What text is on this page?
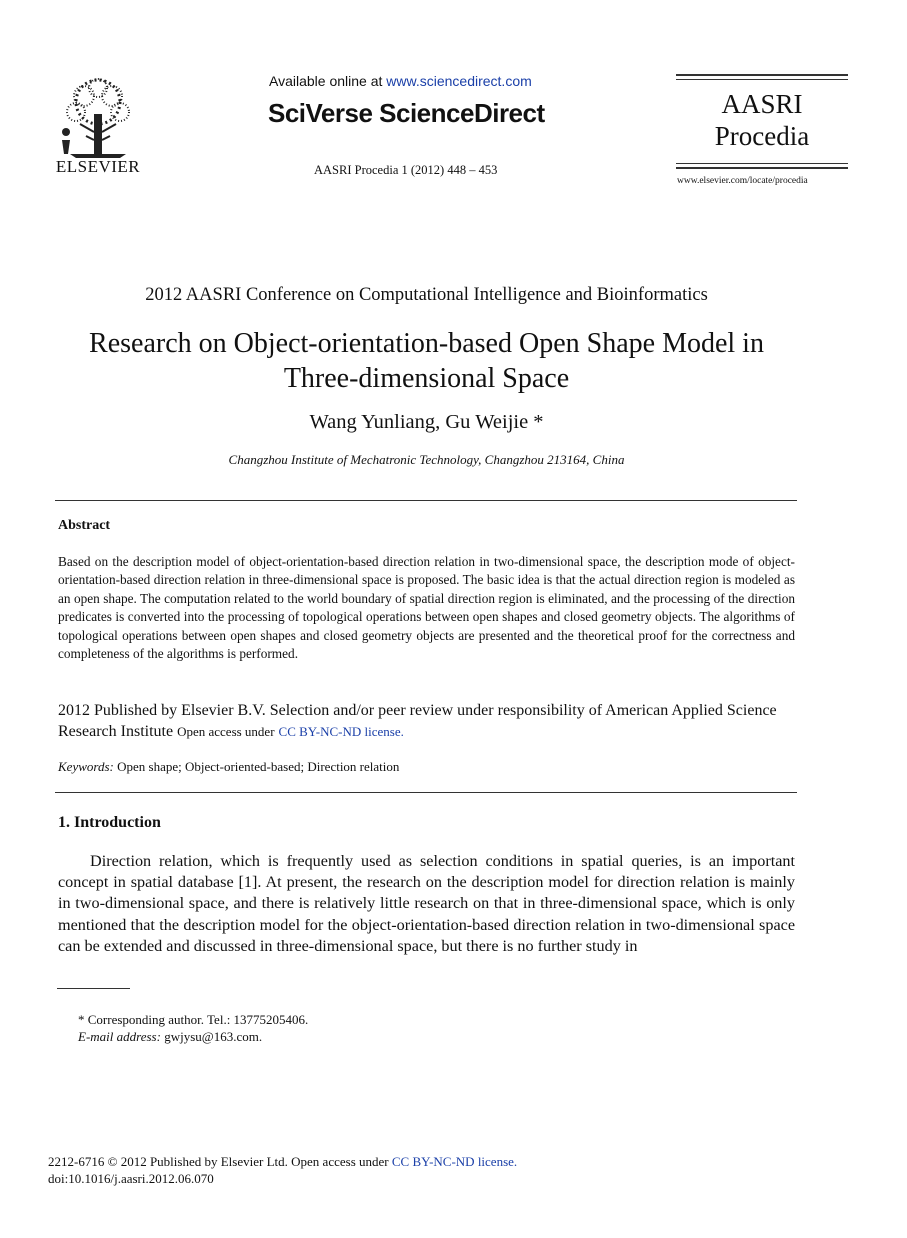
ELSEVIER
Available online at www.sciencedirect.com
SciVerse ScienceDirect
AASRI Procedia 1 (2012) 448 – 453
AASRI
Procedia
www.elsevier.com/locate/procedia
2012 AASRI Conference on Computational Intelligence and Bioinformatics
Research on Object-orientation-based Open Shape Model in
Three-dimensional Space
Wang Yunliang, Gu Weijie *
Changzhou Institute of Mechatronic Technology, Changzhou 213164, China
Abstract
Based on the description model of object-orientation-based direction relation in two-dimensional space, the description mode of object-orientation-based direction relation in three-dimensional space is proposed. The basic idea is that the actual direction region is modeled as an open shape. The computation related to the world boundary of spatial direction region is eliminated, and the processing of the direction predicates is converted into the processing of topological operations between open shapes and closed geometry objects. The algorithms of topological operations between open shapes and closed geometry objects are presented and the theoretical proof for the correctness and completeness of the algorithms is performed.
2012 Published by Elsevier B.V. Selection and/or peer review under responsibility of American Applied Science Research Institute Open access under CC BY-NC-ND license.
Keywords: Open shape; Object-oriented-based; Direction relation
1. Introduction
Direction relation, which is frequently used as selection conditions in spatial queries, is an important concept in spatial database [1]. At present, the research on the description model for direction relation is mainly in two-dimensional space, and there is relatively little research on that in three-dimensional space, which is only mentioned that the description model for the object-orientation-based direction relation in two-dimensional space can be extended and discussed in three-dimensional space, but there is no further study in
* Corresponding author. Tel.: 13775205406.
E-mail address: gwjysu@163.com.
2212-6716 © 2012 Published by Elsevier Ltd. Open access under CC BY-NC-ND license.
doi:10.1016/j.aasri.2012.06.070
